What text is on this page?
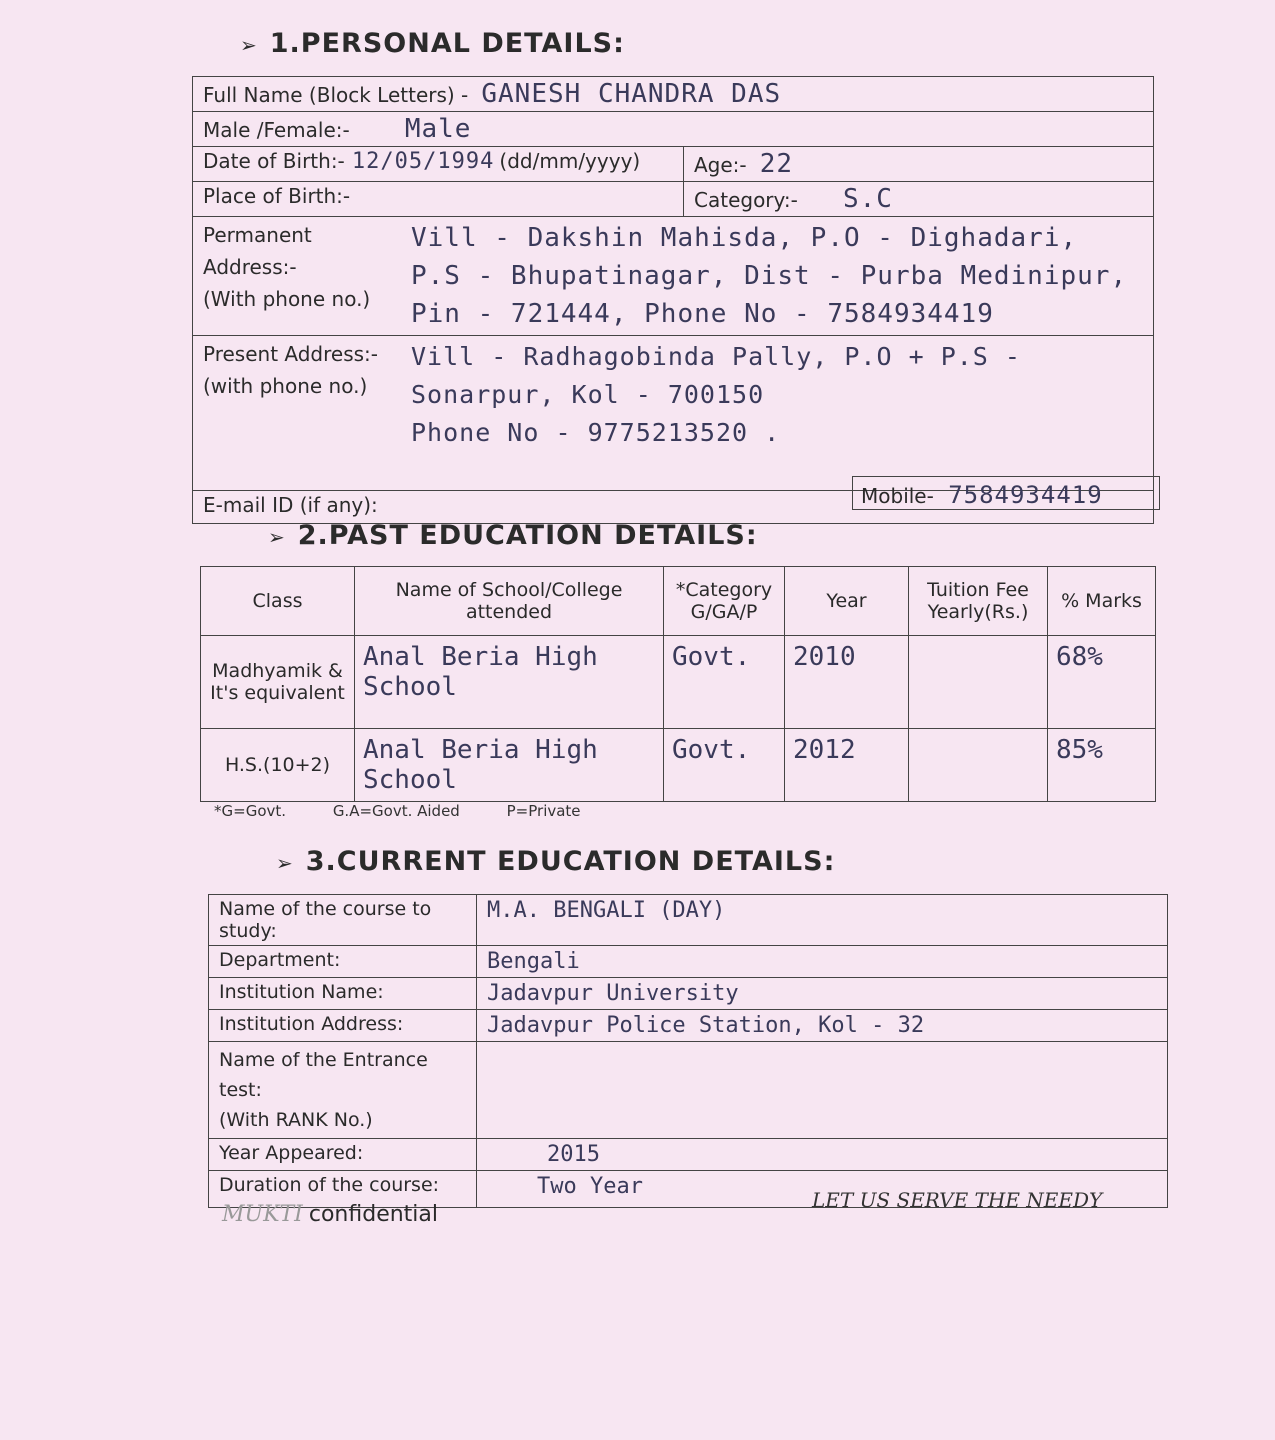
➢ 1.PERSONAL DETAILS:
Full Name (Block Letters) - GANESH CHANDRA DAS	
Male /Female:- Male	
Date of Birth:- 12/05/1994 (dd/mm/yyyy)	Age:- 22
Place of Birth:-	Category:- S.C

Permanent Address:-
(With phone no.)
Vill - Dakshin Mahisda, P.O - Dighadari,
P.S - Bhupatinagar, Dist - Purba Medinipur,
Pin - 721444, Phone No - 7584934419	

Present Address:-
(with phone no.)
Vill - Radhagobinda Pally, P.O + P.S -
Sonarpur, Kol - 700150
Phone No - 9775213520 .	

E-mail ID (if any):		Mobile- 7584934419
➢ 2.PAST EDUCATION DETAILS:
Class	Name of School/College attended	*Category G/GA/P	Year	Tuition Fee Yearly(Rs.)	% Marks
Madhyamik & It's equivalent	Anal Beria High School	Govt.	2010		68%
H.S.(10+2)	Anal Beria High School	Govt.	2012		85%
*G=Govt.	G.A=Govt. Aided	P=Private
➢ 3.CURRENT EDUCATION DETAILS:
Name of the course to study:	M.A. BENGALI (DAY)
Department:	Bengali
Institution Name:	Jadavpur University
Institution Address:	Jadavpur Police Station, Kol - 32

Name of the Entrance test:
(With RANK No.)	

Year Appeared:	2015
Duration of the course:	Two Year
MUKTI confidential
LET US SERVE THE NEEDY
